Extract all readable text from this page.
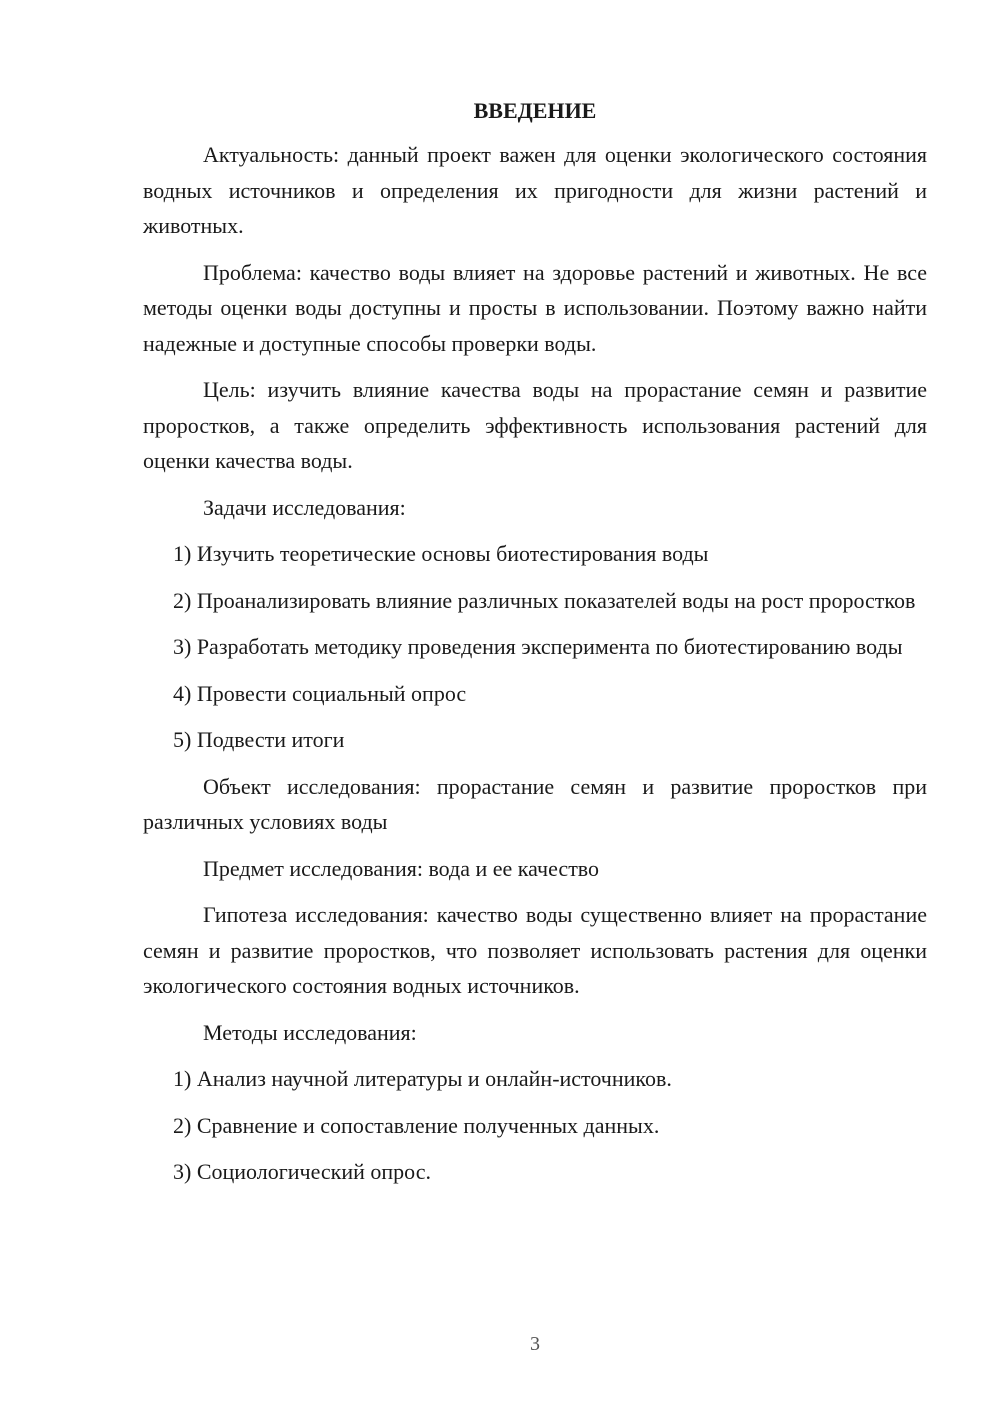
ВВЕДЕНИЕ

Актуальность: данный проект важен для оценки экологического состояния водных источников и определения их пригодности для жизни растений и животных.

Проблема: качество воды влияет на здоровье растений и животных. Не все методы оценки воды доступны и просты в использовании. Поэтому важно найти надежные и доступные способы проверки воды.

Цель: изучить влияние качества воды на прорастание семян и развитие проростков, а также определить эффективность использования растений для оценки качества воды.

Задачи исследования:

1) Изучить теоретические основы биотестирования воды

2) Проанализировать влияние различных показателей воды на рост проростков

3) Разработать методику проведения эксперимента по биотестированию воды

4) Провести социальный опрос

5) Подвести итоги

Объект исследования: прорастание семян и развитие проростков при различных условиях воды

Предмет исследования: вода и ее качество

Гипотеза исследования: качество воды существенно влияет на прорастание семян и развитие проростков, что позволяет использовать растения для оценки экологического состояния водных источников.

Методы исследования:

1) Анализ научной литературы и онлайн-источников.

2) Сравнение и сопоставление полученных данных.

3) Социологический опрос.

3
